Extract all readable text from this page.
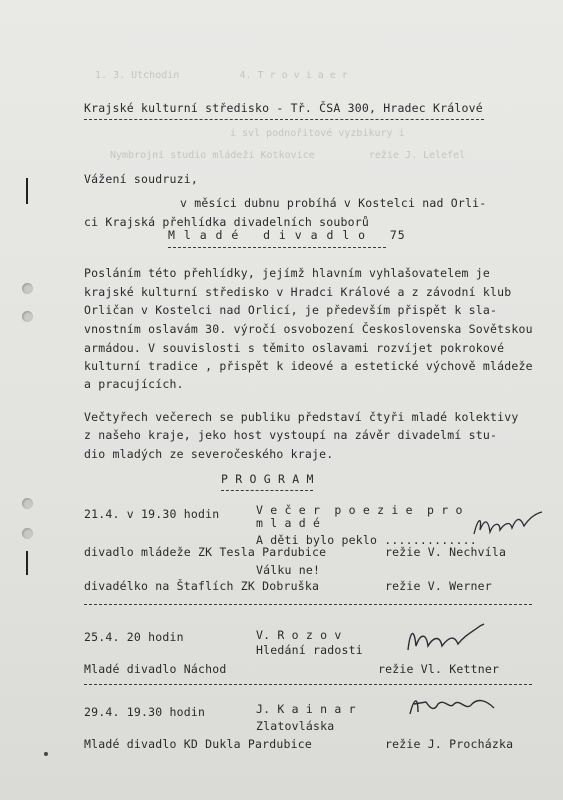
1. 3. Utchodin          4. T r o v i a e r
i svl podnořitové vyzbikury i
Nymbrojní studio mládeži Kotkovice         režie J. Lelefel
Krajské kulturní středisko - Tř. ČSA 300, Hradec Králové
Vážení soudruzi,
v měsíci dubnu probíhá v Kostelci nad Orli-
ci Krajská přehlídka divadelních souborů
M l a d é   d i v a d l o   75
Posláním této přehlídky, jejímž hlavním vyhlašovatelem je
krajské kulturní středisko v Hradci Králové a z závodní klub
Orličan v Kostelci nad Orlicí, je především přispět k sla-
vnostním oslavám 30. výročí osvobození Československa Sovětskou
armádou. V souvislosti s těmito oslavami rozvíjet pokrokové
kulturní tradice , přispět k ideové a estetické výchově mládeže
a pracujících.
Večtyřech večerech se publiku představí čtyři mladé kolektivy
z našeho kraje, jeko host vystoupí na závěr divadelmí stu-
dio mladých ze severočeského kraje.
P R O G R A M
21.4. v 19.30 hodin	V e č e r  p o e z i e  p r o
m l a d é
A děti bylo peklo .............
divadlo mládeže ZK Tesla Pardubice	režie V. Nechvíla
Válku ne!
divadélko na Štaflích ZK Dobruška	režie V. Werner
25.4. 20 hodin	V. R o z o v
Hledání radosti
Mladé divadlo Náchod	režie Vl. Kettner
29.4. 19.30 hodin	J. K a i n a r
Zlatovláska
Mladé divadlo KD Dukla Pardubice	režie J. Procházka
